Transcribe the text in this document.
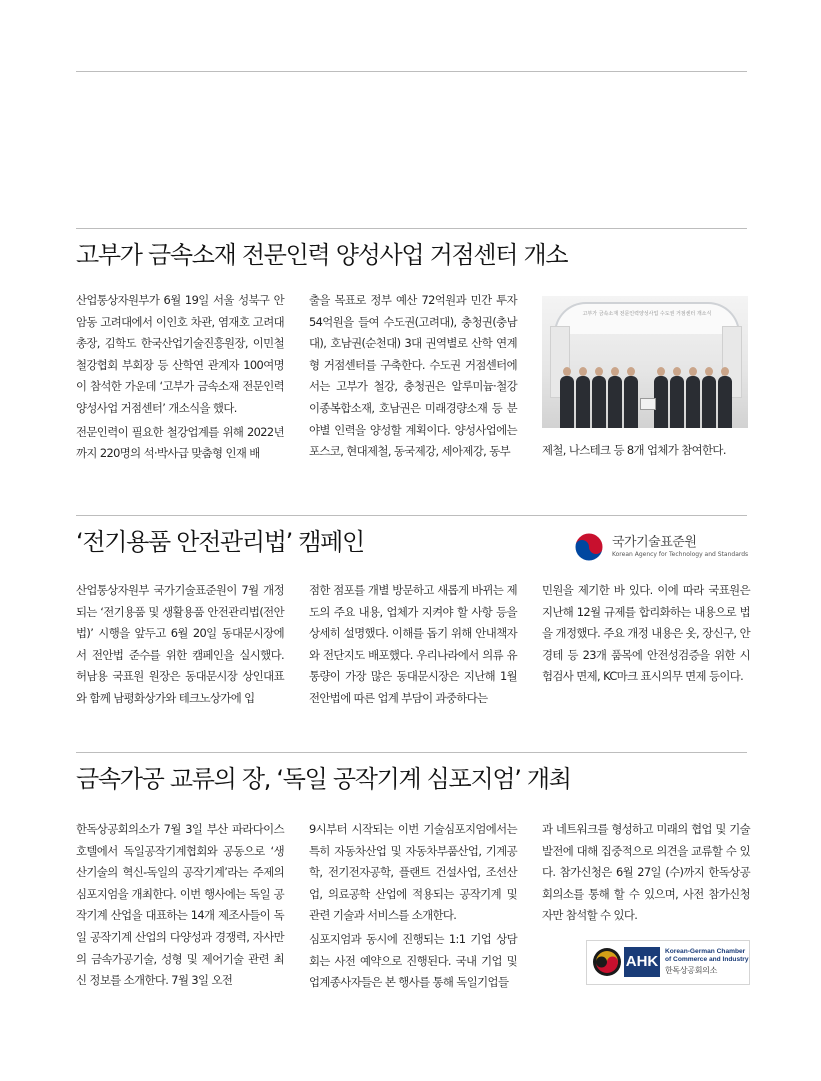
고부가 금속소재 전문인력 양성사업 거점센터 개소

산업통상자원부가 6월 19일 서울 성북구 안암동 고려대에서 이인호 차관, 염재호 고려대 총장, 김학도 한국산업기술진흥원장, 이민철 철강협회 부회장 등 산학연 관계자 100여명이 참석한 가운데 ‘고부가 금속소재 전문인력 양성사업 거점센터’ 개소식을 했다.

전문인력이 필요한 철강업계를 위해 2022년까지 220명의 석·박사급 맞춤형 인재 배

출을 목표로 정부 예산 72억원과 민간 투자 54억원을 들여 수도권(고려대), 충청권(충남대), 호남권(순천대) 3대 권역별로 산학 연계형 거점센터를 구축한다. 수도권 거점센터에서는 고부가 철강, 충청권은 알루미늄·철강 이종복합소재, 호남권은 미래경량소재 등 분야별 인력을 양성할 계획이다. 양성사업에는 포스코, 현대제철, 동국제강, 세아제강, 동부

고부가 금속소재 전문인력양성사업 수도권 거점센터 개소식

제철, 나스테크 등 8개 업체가 참여한다.

‘전기용품 안전관리법’ 캠페인	국가기술표준원
Korean Agency for Technology and Standards

산업통상자원부 국가기술표준원이 7월 개정되는 ‘전기용품 및 생활용품 안전관리법(전안법)’ 시행을 앞두고 6월 20일 동대문시장에서 전안법 준수를 위한 캠페인을 실시했다. 허남용 국표원 원장은 동대문시장 상인대표와 함께 남평화상가와 테크노상가에 입

점한 점포를 개별 방문하고 새롭게 바뀌는 제도의 주요 내용, 업체가 지켜야 할 사항 등을 상세히 설명했다. 이해를 돕기 위해 안내책자와 전단지도 배포했다. 우리나라에서 의류 유통량이 가장 많은 동대문시장은 지난해 1월 전안법에 따른 업계 부담이 과중하다는

민원을 제기한 바 있다. 이에 따라 국표원은 지난해 12월 규제를 합리화하는 내용으로 법을 개정했다. 주요 개정 내용은 옷, 장신구, 안경테 등 23개 품목에 안전성검증을 위한 시험검사 면제, KC마크 표시의무 면제 등이다.

금속가공 교류의 장, ‘독일 공작기계 심포지엄’ 개최

한독상공회의소가 7월 3일 부산 파라다이스호텔에서 독일공작기계협회와 공동으로 ‘생산기술의 혁신-독일의 공작기계’라는 주제의 심포지엄을 개최한다. 이번 행사에는 독일 공작기계 산업을 대표하는 14개 제조사들이 독일 공작기계 산업의 다양성과 경쟁력, 자사만의 금속가공기술, 성형 및 제어기술 관련 최신 정보를 소개한다. 7월 3일 오전

9시부터 시작되는 이번 기술심포지엄에서는 특히 자동차산업 및 자동차부품산업, 기계공학, 전기전자공학, 플랜트 건설사업, 조선산업, 의료공학 산업에 적용되는 공작기계 및 관련 기술과 서비스를 소개한다.

심포지엄과 동시에 진행되는 1:1 기업 상담회는 사전 예약으로 진행된다. 국내 기업 및 업계종사자들은 본 행사를 통해 독일기업들

과 네트워크를 형성하고 미래의 협업 및 기술 발전에 대해 집중적으로 의견을 교류할 수 있다. 참가신청은 6월 27일 (수)까지 한독상공회의소를 통해 할 수 있으며, 사전 참가신청자만 참석할 수 있다.

AHK
Korean-German Chamber
of Commerce and Industry
한독상공회의소
